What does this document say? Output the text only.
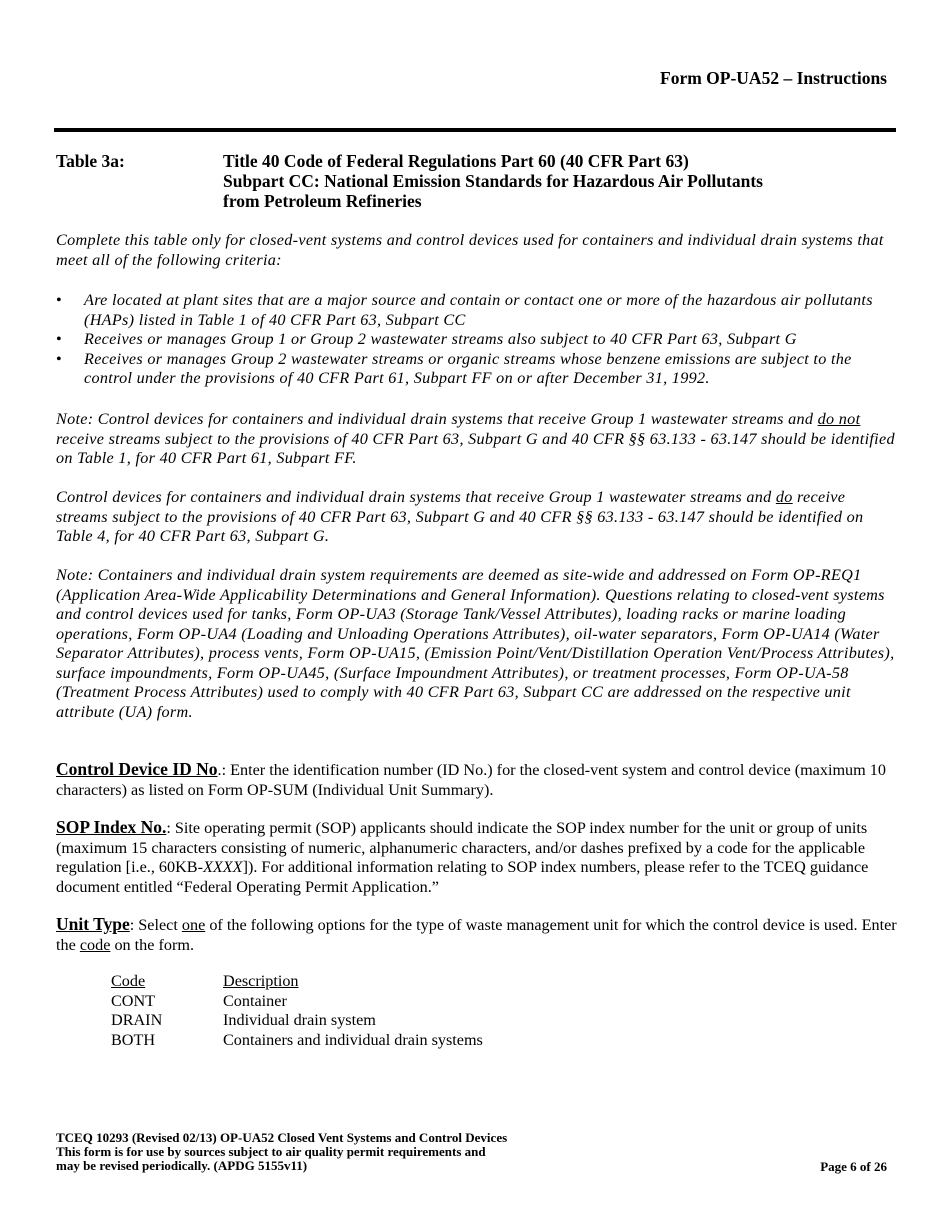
Form OP-UA52 – Instructions
Table 3a:	Title 40 Code of Federal Regulations Part 60 (40 CFR Part 63)
Subpart CC: National Emission Standards for Hazardous Air Pollutants
from Petroleum Refineries
Complete this table only for closed-vent systems and control devices used for containers and individual drain systems that meet all of the following criteria:
• Are located at plant sites that are a major source and contain or contact one or more of the hazardous air pollutants (HAPs) listed in Table 1 of 40 CFR Part 63, Subpart CC
• Receives or manages Group 1 or Group 2 wastewater streams also subject to 40 CFR Part 63, Subpart G
• Receives or manages Group 2 wastewater streams or organic streams whose benzene emissions are subject to the control under the provisions of 40 CFR Part 61, Subpart FF on or after December 31, 1992.
Note: Control devices for containers and individual drain systems that receive Group 1 wastewater streams and do not receive streams subject to the provisions of 40 CFR Part 63, Subpart G and 40 CFR §§ 63.133 - 63.147 should be identified on Table 1, for 40 CFR Part 61, Subpart FF.
Control devices for containers and individual drain systems that receive Group 1 wastewater streams and do receive streams subject to the provisions of 40 CFR Part 63, Subpart G and 40 CFR §§ 63.133 - 63.147 should be identified on Table 4, for 40 CFR Part 63, Subpart G.
Note: Containers and individual drain system requirements are deemed as site-wide and addressed on Form OP-REQ1 (Application Area-Wide Applicability Determinations and General Information). Questions relating to closed-vent systems and control devices used for tanks, Form OP-UA3 (Storage Tank/Vessel Attributes), loading racks or marine loading operations, Form OP-UA4 (Loading and Unloading Operations Attributes), oil-water separators, Form OP-UA14 (Water Separator Attributes), process vents, Form OP-UA15, (Emission Point/Vent/Distillation Operation Vent/Process Attributes), surface impoundments, Form OP-UA45, (Surface Impoundment Attributes), or treatment processes, Form OP-UA-58 (Treatment Process Attributes) used to comply with 40 CFR Part 63, Subpart CC are addressed on the respective unit attribute (UA) form.
Control Device ID No.: Enter the identification number (ID No.) for the closed-vent system and control device (maximum 10 characters) as listed on Form OP-SUM (Individual Unit Summary).
SOP Index No.: Site operating permit (SOP) applicants should indicate the SOP index number for the unit or group of units (maximum 15 characters consisting of numeric, alphanumeric characters, and/or dashes prefixed by a code for the applicable regulation [i.e., 60KB-XXXX]). For additional information relating to SOP index numbers, please refer to the TCEQ guidance document entitled “Federal Operating Permit Application.”
Unit Type: Select one of the following options for the type of waste management unit for which the control device is used. Enter the code on the form.
Code	Description
CONT	Container
DRAIN	Individual drain system
BOTH	Containers and individual drain systems
TCEQ 10293 (Revised 02/13) OP-UA52 Closed Vent Systems and Control Devices
This form is for use by sources subject to air quality permit requirements and
may be revised periodically. (APDG 5155v11)	Page 6 of 26
